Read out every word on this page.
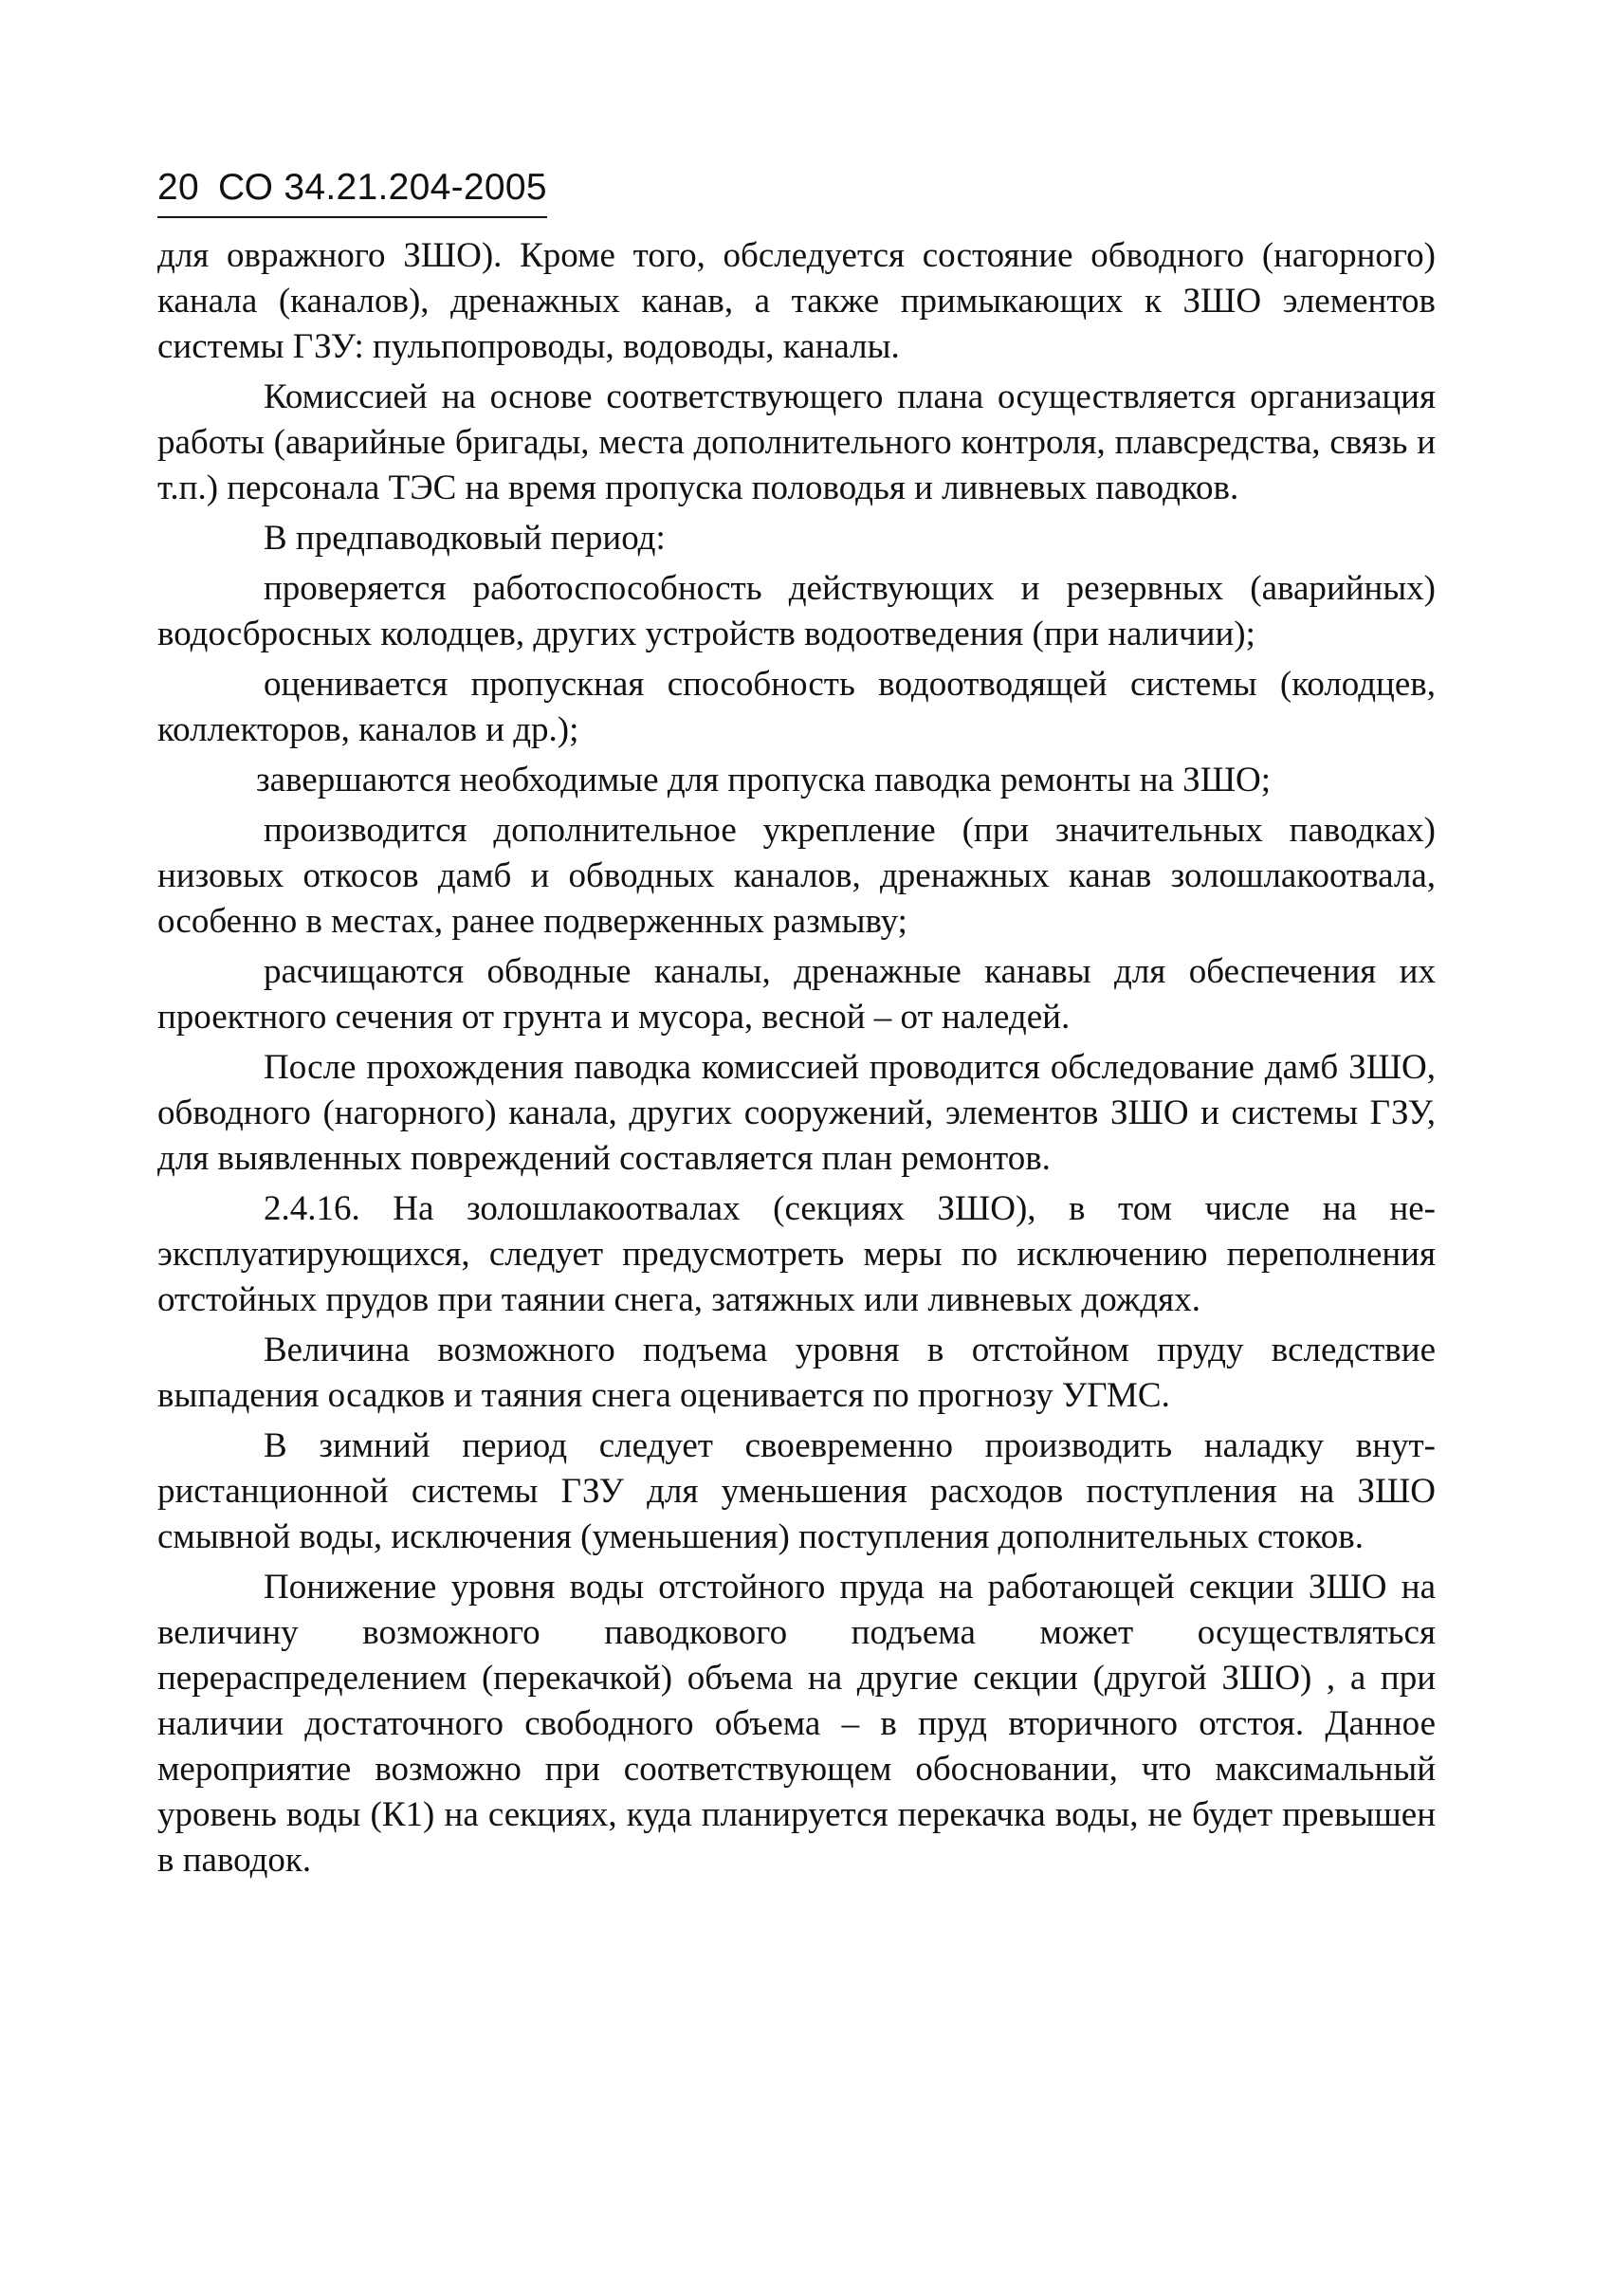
20 СО 34.21.204-2005

для овражного ЗШО). Кроме того, обследуется состояние обводного (нагорного) канала (каналов), дренажных канав, а также примыкающих к ЗШО элементов системы ГЗУ: пульпопроводы, водоводы, каналы.

Комиссией на основе соответствующего плана осуществляется организация работы (аварийные бригады, места дополнительного контроля, плавсредства, связь и т.п.) персонала ТЭС на время пропуска половодья и ливневых паводков.

В предпаводковый период:

проверяется работоспособность действующих и резервных (аварийных) водосбросных колодцев, других устройств водоотведения (при наличии);

оценивается пропускная способность водоотводящей системы (колодцев, коллекторов, каналов и др.);

завершаются необходимые для пропуска паводка ремонты на ЗШО;

производится дополнительное укрепление (при значительных паводках) низовых откосов дамб и обводных каналов, дренажных канав золошлакоотвала, особенно в местах, ранее подверженных размыву;

расчищаются обводные каналы, дренажные канавы для обеспечения их проектного сечения от грунта и мусора, весной – от наледей.

После прохождения паводка комиссией проводится обследование дамб ЗШО, обводного (нагорного) канала, других сооружений, элементов ЗШО и системы ГЗУ, для выявленных повреждений составляется план ремонтов.

2.4.16. На золошлакоотвалах (секциях ЗШО), в том числе на неэксплуатирующихся, следует предусмотреть меры по исключению переполнения отстойных прудов при таянии снега, затяжных или ливневых дождях.

Величина возможного подъема уровня в отстойном пруду вследствие выпадения осадков и таяния снега оценивается по прогнозу УГМС.

В зимний период следует своевременно производить наладку внутристанционной системы ГЗУ для уменьшения расходов поступления на ЗШО смывной воды, исключения (уменьшения) поступления дополнительных стоков.

Понижение уровня воды отстойного пруда на работающей секции ЗШО на величину возможного паводкового подъема может осуществляться перераспределением (перекачкой) объема на другие секции (другой ЗШО) , а при наличии достаточного свободного объема – в пруд вторичного отстоя. Данное мероприятие возможно при соответствующем обосновании, что максимальный уровень воды (К1) на секциях, куда планируется перекачка воды, не будет превышен в паводок.
